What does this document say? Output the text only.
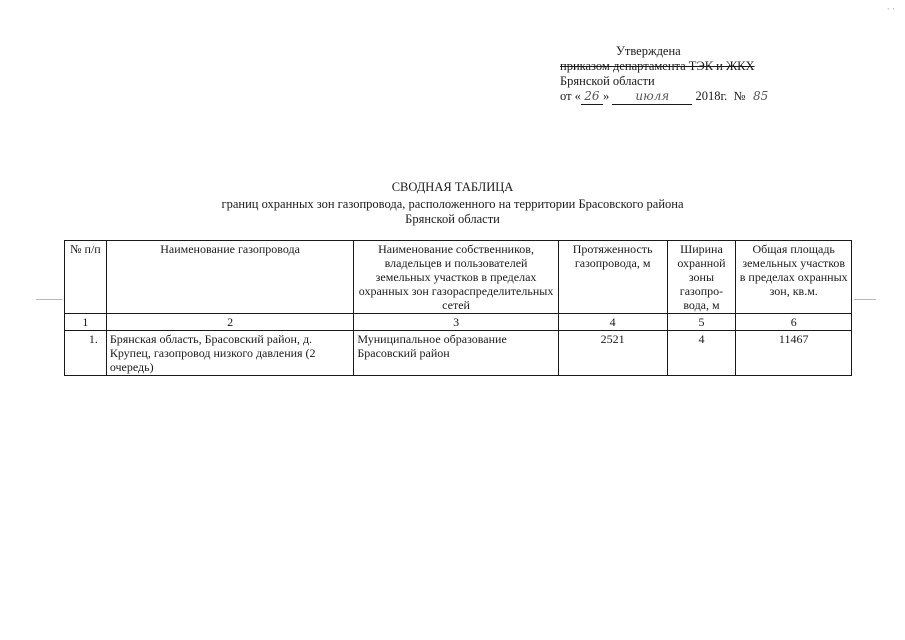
· ·
Утверждена
приказом департамента ТЭК и ЖКХ
Брянской области
от « 26 » июля 2018г. № 85
СВОДНАЯ ТАБЛИЦА
границ охранных зон газопровода, расположенного на территории Брасовского района
Брянской области
№ п/п	Наименование газопровода	Наименование собственников, владельцев и пользователей земельных участков в пределах охранных зон газораспределительных сетей	Протяженность газопровода, м	Ширина охранной зоны газопро-вода, м	Общая площадь земельных участков в пределах охранных зон, кв.м.
1	2	3	4	5	6
1.	Брянская область, Брасовский район, д. Крупец, газопровод низкого давления (2 очередь)	Муниципальное образование Брасовский район	2521	4	11467
